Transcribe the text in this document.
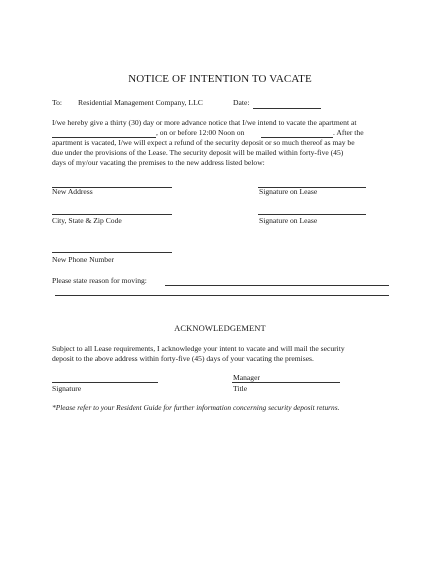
NOTICE OF INTENTION TO VACATE
To: Residential Management Company, LLC	Date:
I/we hereby give a thirty (30) day or more advance notice that I/we intend to vacate the apartment at
, on or before 12:00 Noon on	. After the
apartment is vacated, I/we will expect a refund of the security deposit or so much thereof as may be
due under the provisions of the Lease. The security deposit will be mailed within forty-five (45)
days of my/our vacating the premises to the new address listed below:
New Address	Signature on Lease
City, State & Zip Code	Signature on Lease
New Phone Number
Please state reason for moving:
ACKNOWLEDGEMENT
Subject to all Lease requirements, I acknowledge your intent to vacate and will mail the security
deposit to the above address within forty-five (45) days of your vacating the premises.
Signature
Manager
Title
*Please refer to your Resident Guide for further information concerning security deposit returns.
